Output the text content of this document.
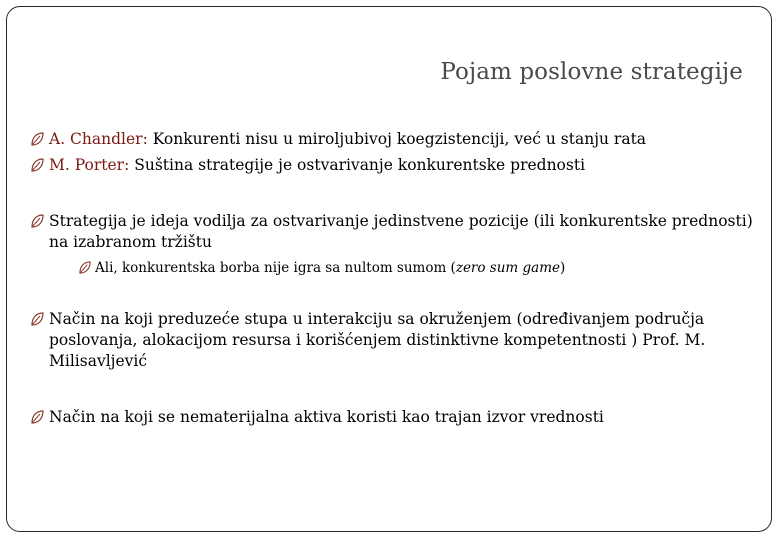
Pojam poslovne strategije
A. Chandler: Konkurenti nisu u miroljubivoj koegzistenciji, već u stanju rata
M. Porter: Suština strategije je ostvarivanje konkurentske prednosti
Strategija je ideja vodilja za ostvarivanje jedinstvene pozicije (ili konkurentske prednosti) na izabranom tržištu
Ali, konkurentska borba nije igra sa nultom sumom (zero sum game)
Način na koji preduzeće stupa u interakciju sa okruženjem (određivanjem područja poslovanja, alokacijom resursa i korišćenjem distinktivne kompetentnosti ) Prof. M. Milisavljević
Način na koji se nematerijalna aktiva koristi kao trajan izvor vrednosti
